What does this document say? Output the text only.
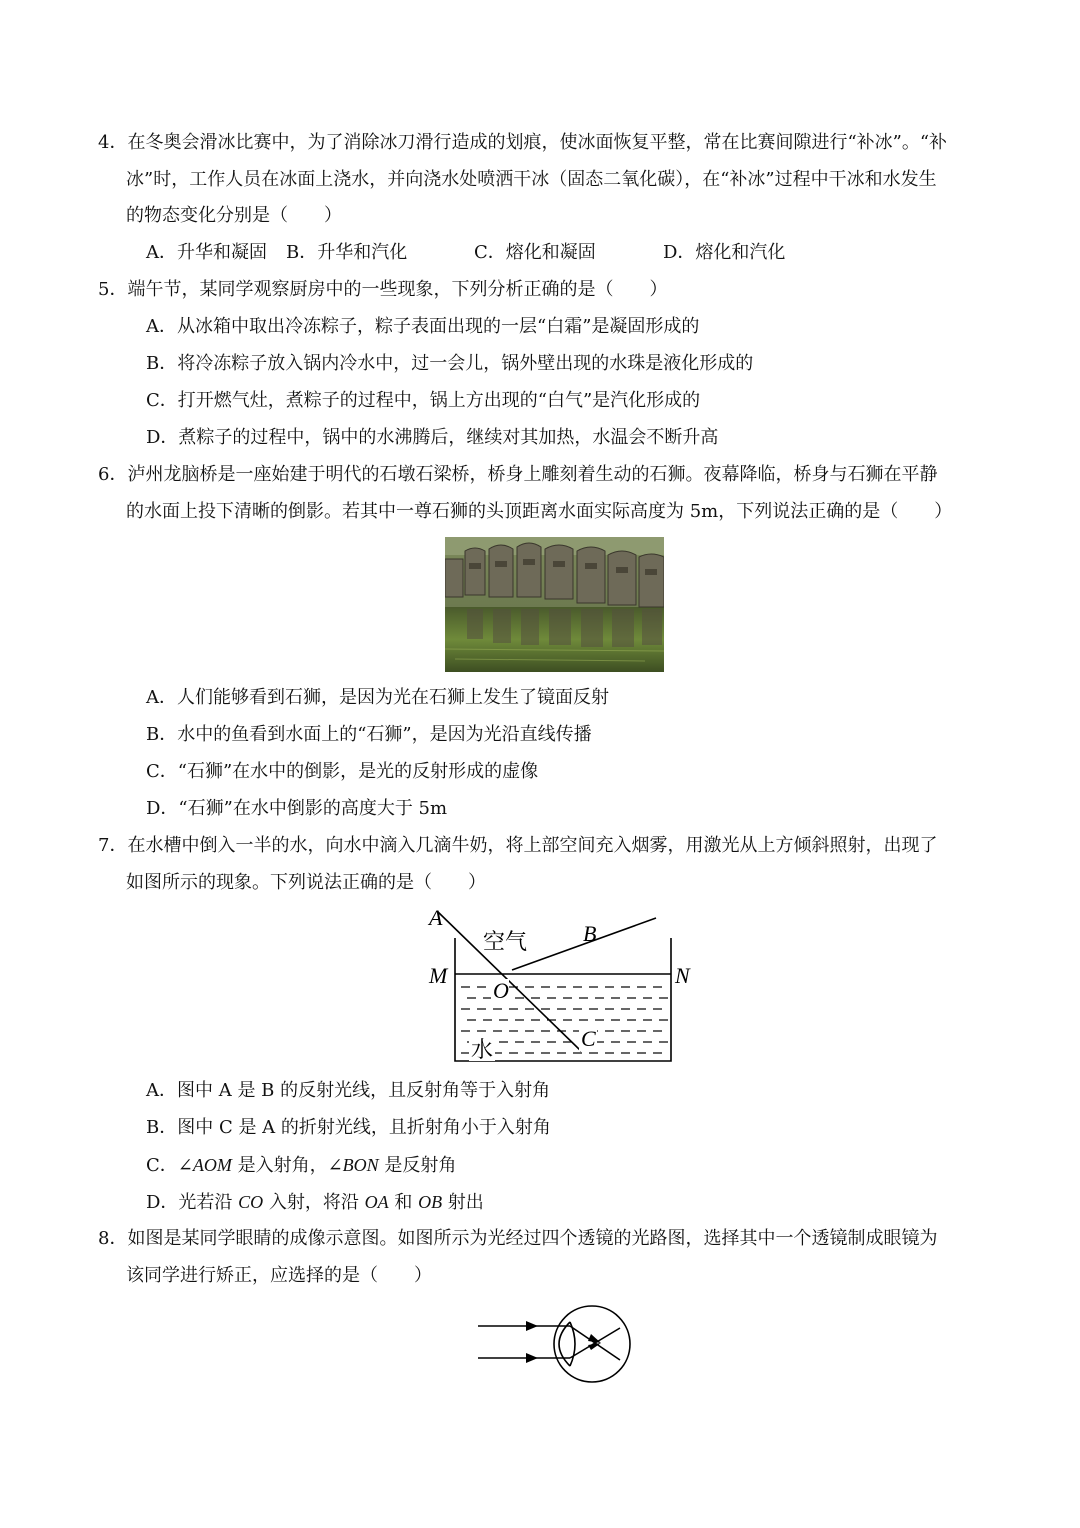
4．在冬奥会滑冰比赛中，为了消除冰刀滑行造成的划痕，使冰面恢复平整，常在比赛间隙进行“补冰”。“补
冰”时，工作人员在冰面上浇水，并向浇水处喷洒干冰（固态二氧化碳），在“补冰”过程中干冰和水发生
的物态变化分别是（　　）
A．升华和凝固 B．升华和汽化	C．熔化和凝固	D．熔化和汽化
5．端午节，某同学观察厨房中的一些现象，下列分析正确的是（　　）
A．从冰箱中取出冷冻粽子，粽子表面出现的一层“白霜”是凝固形成的
B．将冷冻粽子放入锅内冷水中，过一会儿，锅外壁出现的水珠是液化形成的
C．打开燃气灶，煮粽子的过程中，锅上方出现的“白气”是汽化形成的
D．煮粽子的过程中，锅中的水沸腾后，继续对其加热，水温会不断升高
6．泸州龙脑桥是一座始建于明代的石墩石梁桥，桥身上雕刻着生动的石狮。夜幕降临，桥身与石狮在平静
的水面上投下清晰的倒影。若其中一尊石狮的头顶距离水面实际高度为 5m，下列说法正确的是（　　）
A．人们能够看到石狮，是因为光在石狮上发生了镜面反射
B．水中的鱼看到水面上的“石狮”，是因为光沿直线传播
C．“石狮”在水中的倒影，是光的反射形成的虚像
D．“石狮”在水中倒影的高度大于 5m
7．在水槽中倒入一半的水，向水中滴入几滴牛奶，将上部空间充入烟雾，用激光从上方倾斜照射，出现了
如图所示的现象。下列说法正确的是（　　）
A
空气	B
M	N
O
C
水
A．图中 A 是 B 的反射光线，且反射角等于入射角
B．图中 C 是 A 的折射光线，且折射角小于入射角
C．∠AOM 是入射角，∠BON 是反射角
D．光若沿 CO 入射，将沿 OA 和 OB 射出
8．如图是某同学眼睛的成像示意图。如图所示为光经过四个透镜的光路图，选择其中一个透镜制成眼镜为
该同学进行矫正，应选择的是（　　）
